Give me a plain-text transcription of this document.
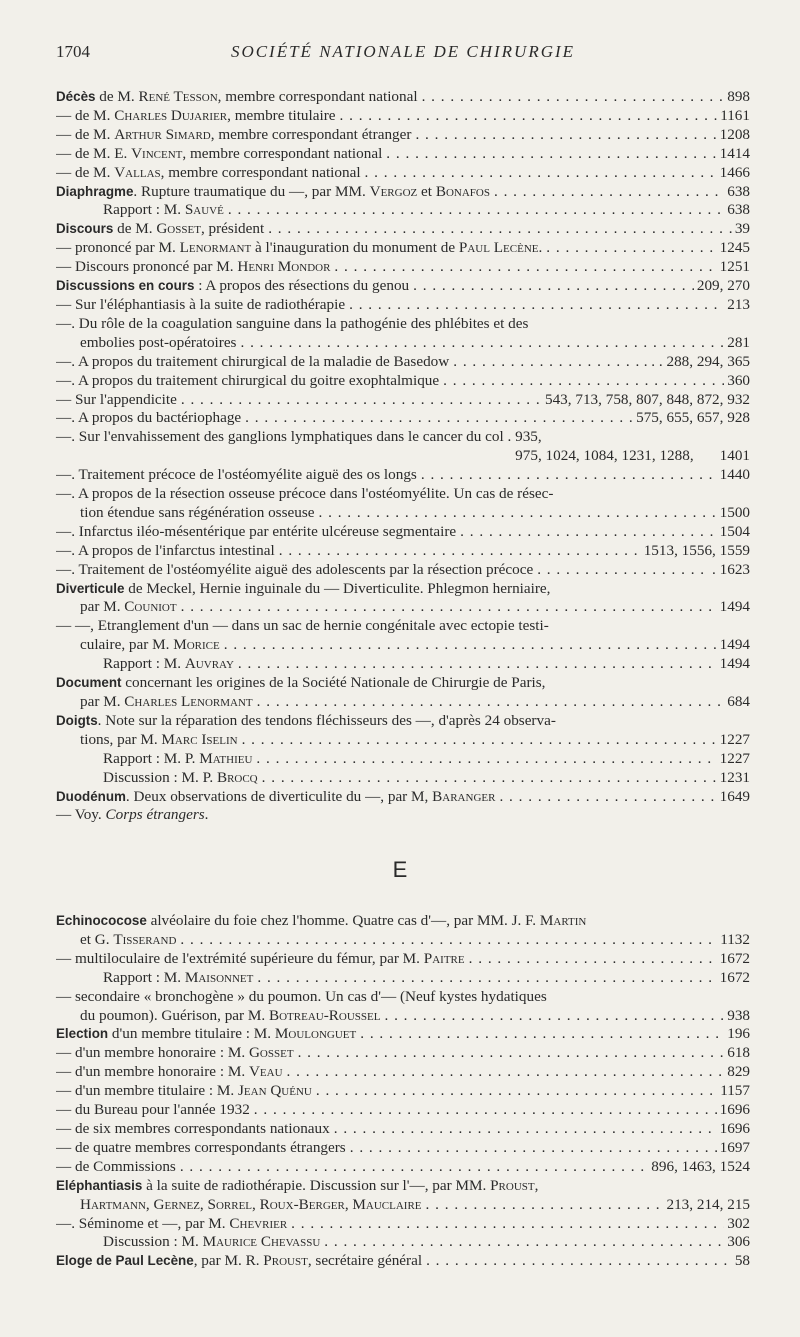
1704	SOCIÉTÉ NATIONALE DE CHIRURGIE
Décès de M. René Tesson, membre correspondant national . . .	898
— de M. Charles Dujarier, membre titulaire . . .	1161
— de M. Arthur Simard, membre correspondant étranger . . .	1208
— de M. E. Vincent, membre correspondant national . . .	1414
— de M. Vallas, membre correspondant national . . .	1466
Diaphragme. Rupture traumatique du —, par MM. Vergoz et Bonafos . . .	638
Rapport : M. Sauvé . . .	638
Discours de M. Gosset, président . . .	39
— prononcé par M. Lenormant à l'inauguration du monument de Paul Lecène. . . .	1245
— Discours prononcé par M. Henri Mondor . . .	1251
Discussions en cours : A propos des résections du genou . . .	209, 270
— Sur l'éléphantiasis à la suite de radiothérapie . . .	213
—. Du rôle de la coagulation sanguine dans la pathogénie des phlébites et des
embolies post-opératoires . . .	281
—. A propos du traitement chirurgical de la maladie de Basedow . . .	. . . 288, 294, 365
—. A propos du traitement chirurgical du goitre exophtalmique . . .	360
— Sur l'appendicite . . .	543, 713, 758, 807, 848, 872, 932
—. A propos du bactériophage . . .	575, 655, 657, 928
—. Sur l'envahissement des ganglions lymphatiques dans le cancer du col . 935,
975, 1024, 1084, 1231, 1288,	1401
—. Traitement précoce de l'ostéomyélite aiguë des os longs . . .	1440
—. A propos de la résection osseuse précoce dans l'ostéomyélite. Un cas de résec-
tion étendue sans régénération osseuse . . .	1500
—. Infarctus iléo-mésentérique par entérite ulcéreuse segmentaire . . .	1504
—. A propos de l'infarctus intestinal . . .	1513, 1556, 1559
—. Traitement de l'ostéomyélite aiguë des adolescents par la résection précoce . . .	. 1623
Diverticule de Meckel, Hernie inguinale du — Diverticulite. Phlegmon herniaire,
par M. Couniot . . .	1494
— —, Etranglement d'un — dans un sac de hernie congénitale avec ectopie testi-
culaire, par M. Morice . . .	1494
Rapport : M. Auvray . . .	1494
Document concernant les origines de la Société Nationale de Chirurgie de Paris,
par M. Charles Lenormant . . .	684
Doigts. Note sur la réparation des tendons fléchisseurs des —, d'après 24 observa-
tions, par M. Marc Iselin . . .	1227
Rapport : M. P. Mathieu . . .	1227
Discussion : M. P. Brocq . . .	1231
Duodénum. Deux observations de diverticulite du —, par M, Baranger . . .	1649
— Voy. Corps étrangers.
E
Echinococose alvéolaire du foie chez l'homme. Quatre cas d'—, par MM. J. F. Martin
et G. Tisserand . . .	1132
— multiloculaire de l'extrémité supérieure du fémur, par M. Paitre . . .	1672
Rapport : M. Maisonnet . . .	1672
— secondaire « bronchogène » du poumon. Un cas d'— (Neuf kystes hydatiques
du poumon). Guérison, par M. Botreau-Roussel . . .	938
Election d'un membre titulaire : M. Moulonguet . . .	196
— d'un membre honoraire : M. Gosset . . .	618
— d'un membre honoraire : M. Veau . . .	829
— d'un membre titulaire : M. Jean Quénu . . .	1157
— du Bureau pour l'année 1932 . . .	1696
— de six membres correspondants nationaux . . .	1696
— de quatre membres correspondants étrangers . . .	1697
— de Commissions . . .	896, 1463, 1524
Eléphantiasis à la suite de radiothérapie. Discussion sur l'—, par MM. Proust,
Hartmann, Gernez, Sorrel, Roux-Berger, Mauclaire . . .	213, 214, 215
—. Séminome et —, par M. Chevrier . . .	302
Discussion : M. Maurice Chevassu . . .	306
Eloge de Paul Lecène, par M. R. Proust, secrétaire général . . .	58
